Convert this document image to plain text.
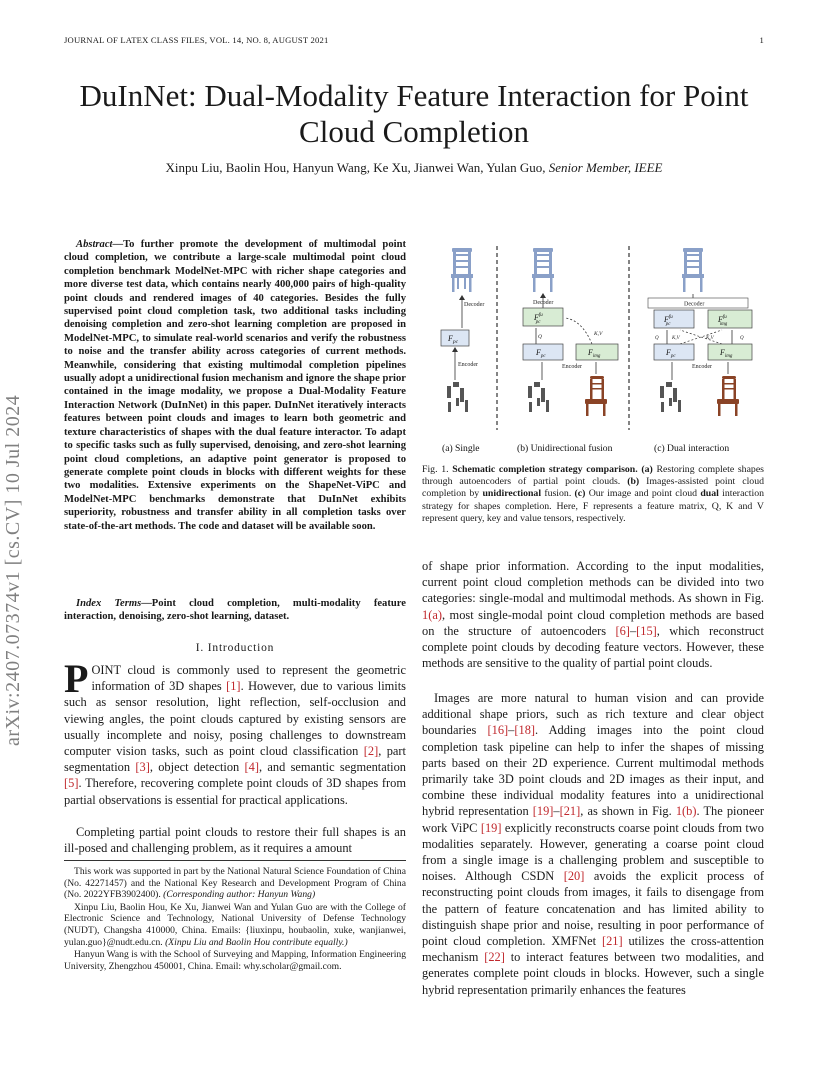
JOURNAL OF LATEX CLASS FILES, VOL. 14, NO. 8, AUGUST 2021	1
DuInNet: Dual-Modality Feature Interaction for Point Cloud Completion
Xinpu Liu, Baolin Hou, Hanyun Wang, Ke Xu, Jianwei Wan, Yulan Guo, Senior Member, IEEE
arXiv:2407.07374v1 [cs.CV] 10 Jul 2024
Abstract—To further promote the development of multimodal point cloud completion, we contribute a large-scale multimodal point cloud completion benchmark ModelNet-MPC with richer shape categories and more diverse test data, which contains nearly 400,000 pairs of high-quality point clouds and rendered images of 40 categories. Besides the fully supervised point cloud completion task, two additional tasks including denoising completion and zero-shot learning completion are proposed in ModelNet-MPC, to simulate real-world scenarios and verify the robustness to noise and the transfer ability across categories of current methods. Meanwhile, considering that existing multimodal completion pipelines usually adopt a unidirectional fusion mechanism and ignore the shape prior contained in the image modality, we propose a Dual-Modality Feature Interaction Network (DuInNet) in this paper. DuInNet iteratively interacts features between point clouds and images to learn both geometric and texture characteristics of shapes with the dual feature interactor. To adapt to specific tasks such as fully supervised, denoising, and zero-shot learning point cloud completions, an adaptive point generator is proposed to generate complete point clouds in blocks with different weights for these two modalities. Extensive experiments on the ShapeNet-ViPC and ModelNet-MPC benchmarks demonstrate that DuInNet exhibits superiority, robustness and transfer ability in all completion tasks over state-of-the-art methods. The code and dataset will be available soon.
Index Terms—Point cloud completion, multi-modality feature interaction, denoising, zero-shot learning, dataset.
I. Introduction
POINT cloud is commonly used to represent the geometric information of 3D shapes [1]. However, due to various limits such as sensor resolution, light reflection, self-occlusion and viewing angles, the point clouds captured by existing sensors are usually incomplete and noisy, posing challenges to downstream computer vision tasks, such as point cloud classification [2], part segmentation [3], object detection [4], and semantic segmentation [5]. Therefore, recovering complete point clouds of 3D shapes from partial observations is essential for practical applications.
Completing partial point clouds to restore their full shapes is an ill-posed and challenging problem, as it requires a amount

This work was supported in part by the National Natural Science Foundation of China (No. 42271457) and the National Key Research and Development Program of China (No. 2022YFB3902400). (Corresponding author: Hanyun Wang)

Xinpu Liu, Baolin Hou, Ke Xu, Jianwei Wan and Yulan Guo are with the College of Electronic Science and Technology, National University of Defense Technology (NUDT), Changsha 410000, China. Emails: {liuxinpu, houbaolin, xuke, wanjianwei, yulan.guo}@nudt.edu.cn. (Xinpu Liu and Baolin Hou contribute equally.)

Hanyun Wang is with the School of Surveying and Mapping, Information Engineering University, Zhengzhou 450001, China. Email: why.scholar@gmail.com.

Decoder
$F_{pc}$
Encoder
Decoder
$F^{fu}$ pc
Q	K,V
$F_{pc}$	$F_{img}$
Encoder
Decoder
$F^{fu}$ pc
$F^{fu}$ img
Q	K,V	K,V	Q
$F_{pc}$	$F_{img}$
Encoder
(a) Single	(b) Unidirectional fusion	(c) Dual interaction
Fig. 1. Schematic completion strategy comparison. (a) Restoring complete shapes through autoencoders of partial point clouds. (b) Images-assisted point cloud completion by unidirectional fusion. (c) Our image and point cloud dual interaction strategy for shapes completion. Here, F represents a feature matrix, Q, K and V represent query, key and value tensors, respectively.
of shape prior information. According to the input modalities, current point cloud completion methods can be divided into two categories: single-modal and multimodal methods. As shown in Fig. 1(a), most single-modal point cloud completion methods are based on the structure of autoencoders [6]–[15], which reconstruct complete point clouds by decoding feature vectors. However, these methods are sensitive to the quality of partial point clouds.
Images are more natural to human vision and can provide additional shape priors, such as rich texture and clear object boundaries [16]–[18]. Adding images into the point cloud completion task pipeline can help to infer the shapes of missing parts based on their 2D experience. Current multimodal methods primarily take 3D point clouds and 2D images as their input, and combine these individual modality features into a unidirectional hybrid representation [19]–[21], as shown in Fig. 1(b). The pioneer work ViPC [19] explicitly reconstructs coarse point clouds from two modalities separately. However, generating a coarse point cloud from a single image is a challenging problem and susceptible to noises. Although CSDN [20] avoids the explicit process of reconstructing point clouds from images, it fails to disengage from the pattern of feature concatenation and has limited ability to distinguish shape prior and noise, resulting in poor performance of point cloud completion. XMFNet [21] utilizes the cross-attention mechanism [22] to interact features between two modalities, and generates complete point clouds in blocks. However, such a single hybrid representation primarily enhances the features
